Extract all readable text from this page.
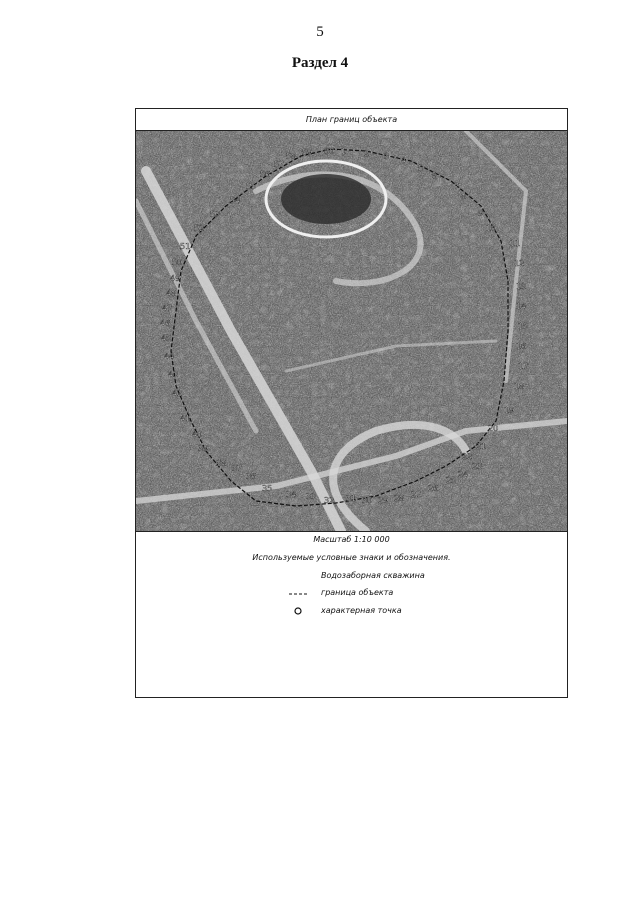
5
Раздел 4
План границ объекта
60 1 2 3 4
5
6
7
8
9
10
11
12
13
14
15
16
17
18
19
20
21
22
23
24
25
26
27
28
29
30
31
32
33
34
35
36
37
38
39
40
41
42
43
44
45
46
47
48
49
50
51
52
53
54
55
56
57
58 59
Масштаб 1:10 000
Используемые условные знаки и обозначения.
Водозаборная скважина
граница объекта
характерная точка
